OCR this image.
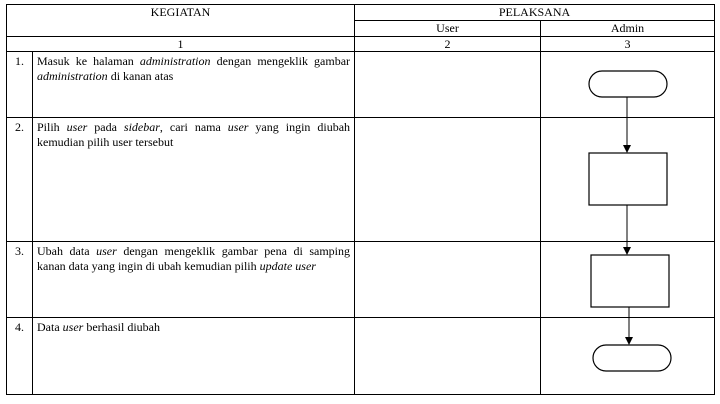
KEGIATAN		PELAKSANA	
		User	Admin
1		2	3
1.	Masuk ke halaman administration dengan mengeklik gambar administration di kanan atas		
2.	Pilih user pada sidebar, cari nama user yang ingin diubah kemudian pilih user tersebut		
3.	Ubah data user dengan mengeklik gambar pena di samping kanan data yang ingin di ubah kemudian pilih update user		
4.	Data user berhasil diubah		
